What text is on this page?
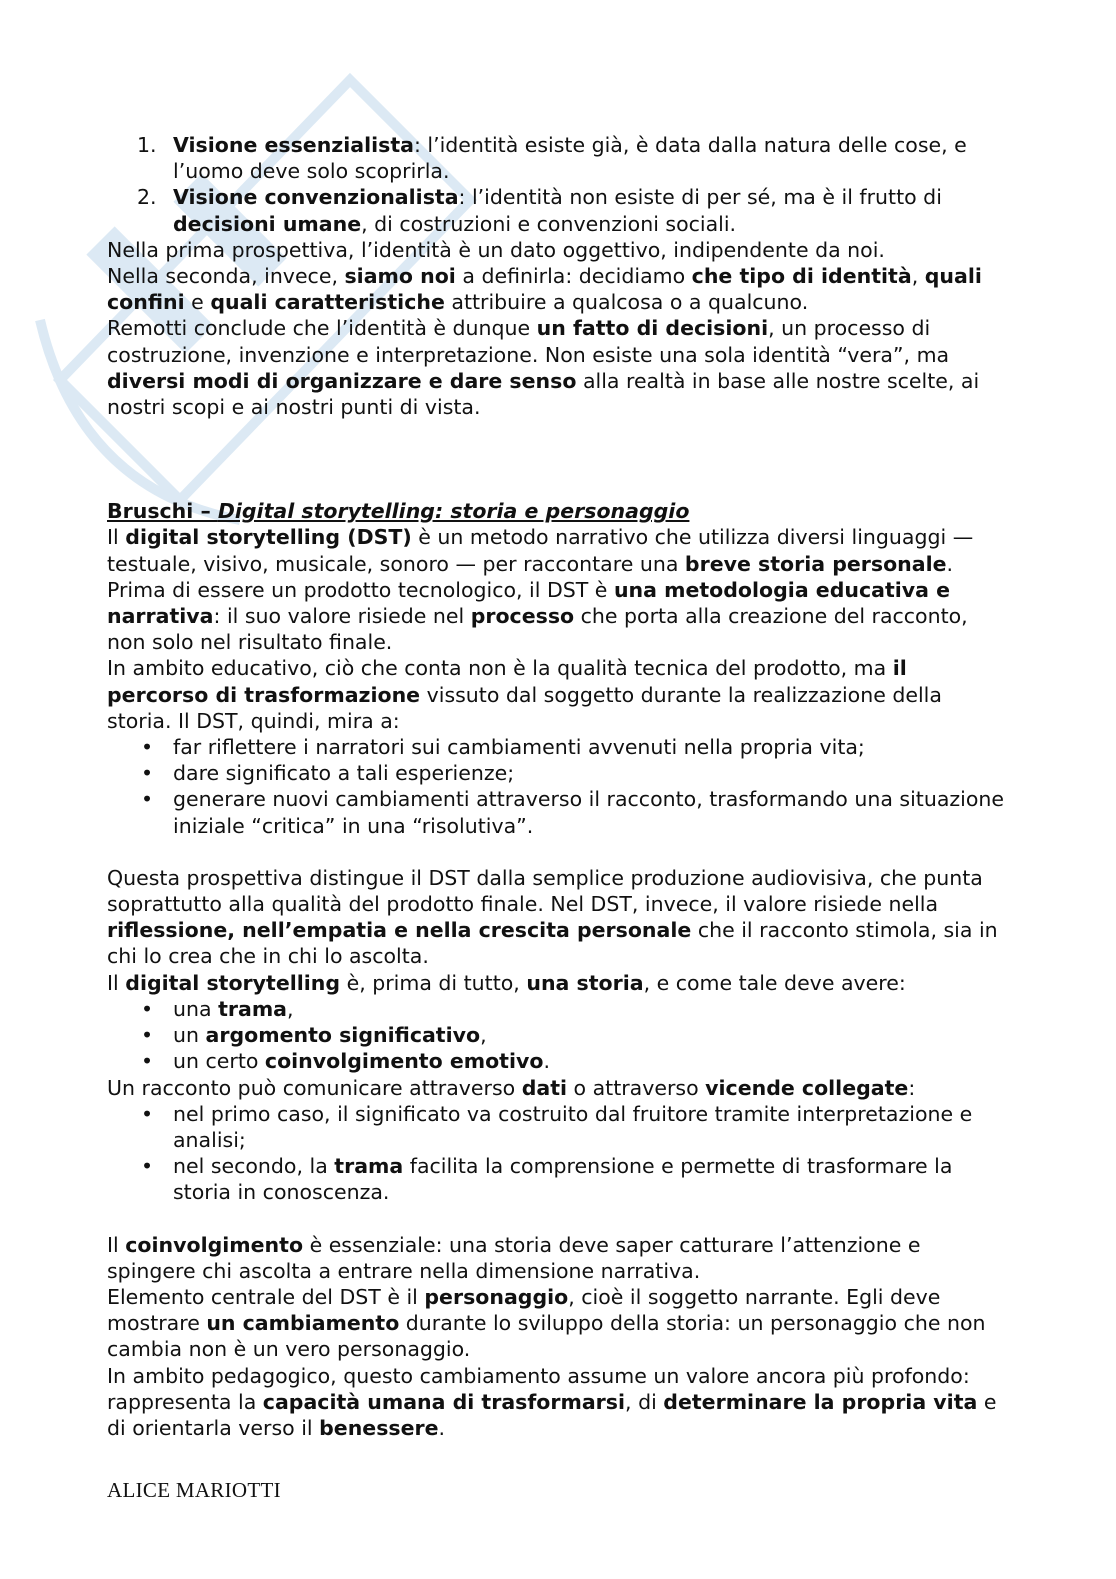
1. Visione essenzialista: l’identità esiste già, è data dalla natura delle cose, e l’uomo deve solo scoprirla.
2. Visione convenzionalista: l’identità non esiste di per sé, ma è il frutto di decisioni umane, di costruzioni e convenzioni sociali.

Nella prima prospettiva, l’identità è un dato oggettivo, indipendente da noi.

Nella seconda, invece, siamo noi a definirla: decidiamo che tipo di identità, quali confini e quali caratteristiche attribuire a qualcosa o a qualcuno.

Remotti conclude che l’identità è dunque un fatto di decisioni, un processo di costruzione, invenzione e interpretazione. Non esiste una sola identità “vera”, ma diversi modi di organizzare e dare senso alla realtà in base alle nostre scelte, ai nostri scopi e ai nostri punti di vista.

Bruschi – Digital storytelling: storia e personaggio

Il digital storytelling (DST) è un metodo narrativo che utilizza diversi linguaggi — testuale, visivo, musicale, sonoro — per raccontare una breve storia personale. Prima di essere un prodotto tecnologico, il DST è una metodologia educativa e narrativa: il suo valore risiede nel processo che porta alla creazione del racconto, non solo nel risultato finale.

In ambito educativo, ciò che conta non è la qualità tecnica del prodotto, ma il percorso di trasformazione vissuto dal soggetto durante la realizzazione della storia. Il DST, quindi, mira a:

• far riflettere i narratori sui cambiamenti avvenuti nella propria vita;
• dare significato a tali esperienze;
• generare nuovi cambiamenti attraverso il racconto, trasformando una situazione iniziale “critica” in una “risolutiva”.

Questa prospettiva distingue il DST dalla semplice produzione audiovisiva, che punta soprattutto alla qualità del prodotto finale. Nel DST, invece, il valore risiede nella riflessione, nell’empatia e nella crescita personale che il racconto stimola, sia in chi lo crea che in chi lo ascolta.

Il digital storytelling è, prima di tutto, una storia, e come tale deve avere:

• una trama,
• un argomento significativo,
• un certo coinvolgimento emotivo.

Un racconto può comunicare attraverso dati o attraverso vicende collegate:

• nel primo caso, il significato va costruito dal fruitore tramite interpretazione e analisi;
• nel secondo, la trama facilita la comprensione e permette di trasformare la storia in conoscenza.

Il coinvolgimento è essenziale: una storia deve saper catturare l’attenzione e spingere chi ascolta a entrare nella dimensione narrativa.

Elemento centrale del DST è il personaggio, cioè il soggetto narrante. Egli deve mostrare un cambiamento durante lo sviluppo della storia: un personaggio che non cambia non è un vero personaggio.

In ambito pedagogico, questo cambiamento assume un valore ancora più profondo: rappresenta la capacità umana di trasformarsi, di determinare la propria vita e di orientarla verso il benessere.

ALICE MARIOTTI
